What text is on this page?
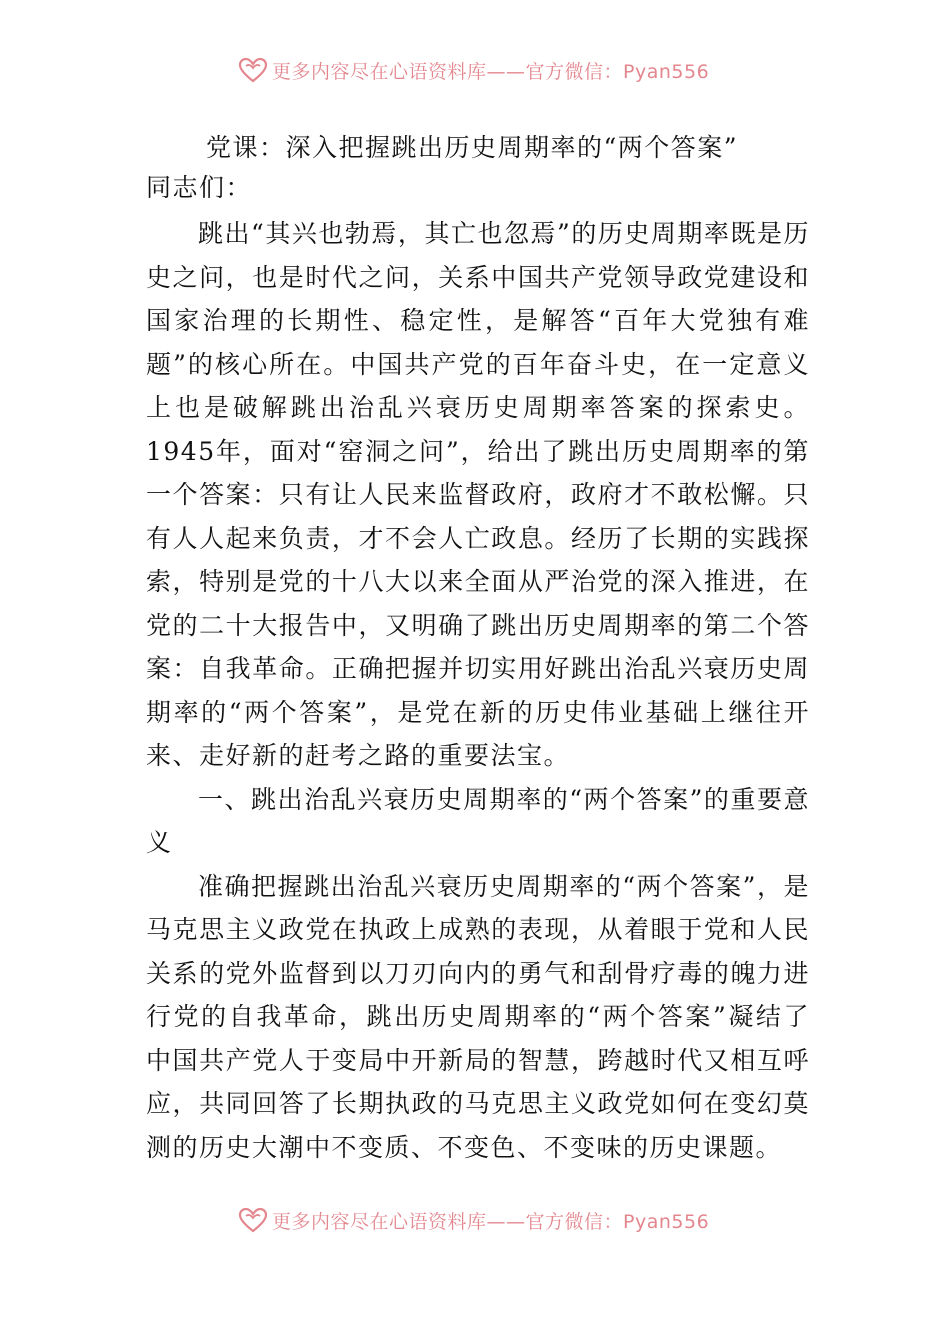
更多内容尽在心语资料库——官方微信：Pyan556
党课：深入把握跳出历史周期率的“两个答案”
同志们：

跳出“其兴也勃焉，其亡也忽焉”的历史周期率既是历史之问，也是时代之问，关系中国共产党领导政党建设和国家治理的长期性、稳定性，是解答“百年大党独有难题”的核心所在。中国共产党的百年奋斗史，在一定意义上也是破解跳出治乱兴衰历史周期率答案的探索史。1945年，面对“窑洞之问”，给出了跳出历史周期率的第一个答案：只有让人民来监督政府，政府才不敢松懈。只有人人起来负责，才不会人亡政息。经历了长期的实践探索，特别是党的十八大以来全面从严治党的深入推进，在党的二十大报告中，又明确了跳出历史周期率的第二个答案：自我革命。正确把握并切实用好跳出治乱兴衰历史周期率的“两个答案”，是党在新的历史伟业基础上继往开来、走好新的赶考之路的重要法宝。

一、跳出治乱兴衰历史周期率的“两个答案”的重要意义

准确把握跳出治乱兴衰历史周期率的“两个答案”，是马克思主义政党在执政上成熟的表现，从着眼于党和人民关系的党外监督到以刀刃向内的勇气和刮骨疗毒的魄力进行党的自我革命，跳出历史周期率的“两个答案”凝结了中国共产党人于变局中开新局的智慧，跨越时代又相互呼应，共同回答了长期执政的马克思主义政党如何在变幻莫测的历史大潮中不变质、不变色、不变味的历史课题。

更多内容尽在心语资料库——官方微信：Pyan556
